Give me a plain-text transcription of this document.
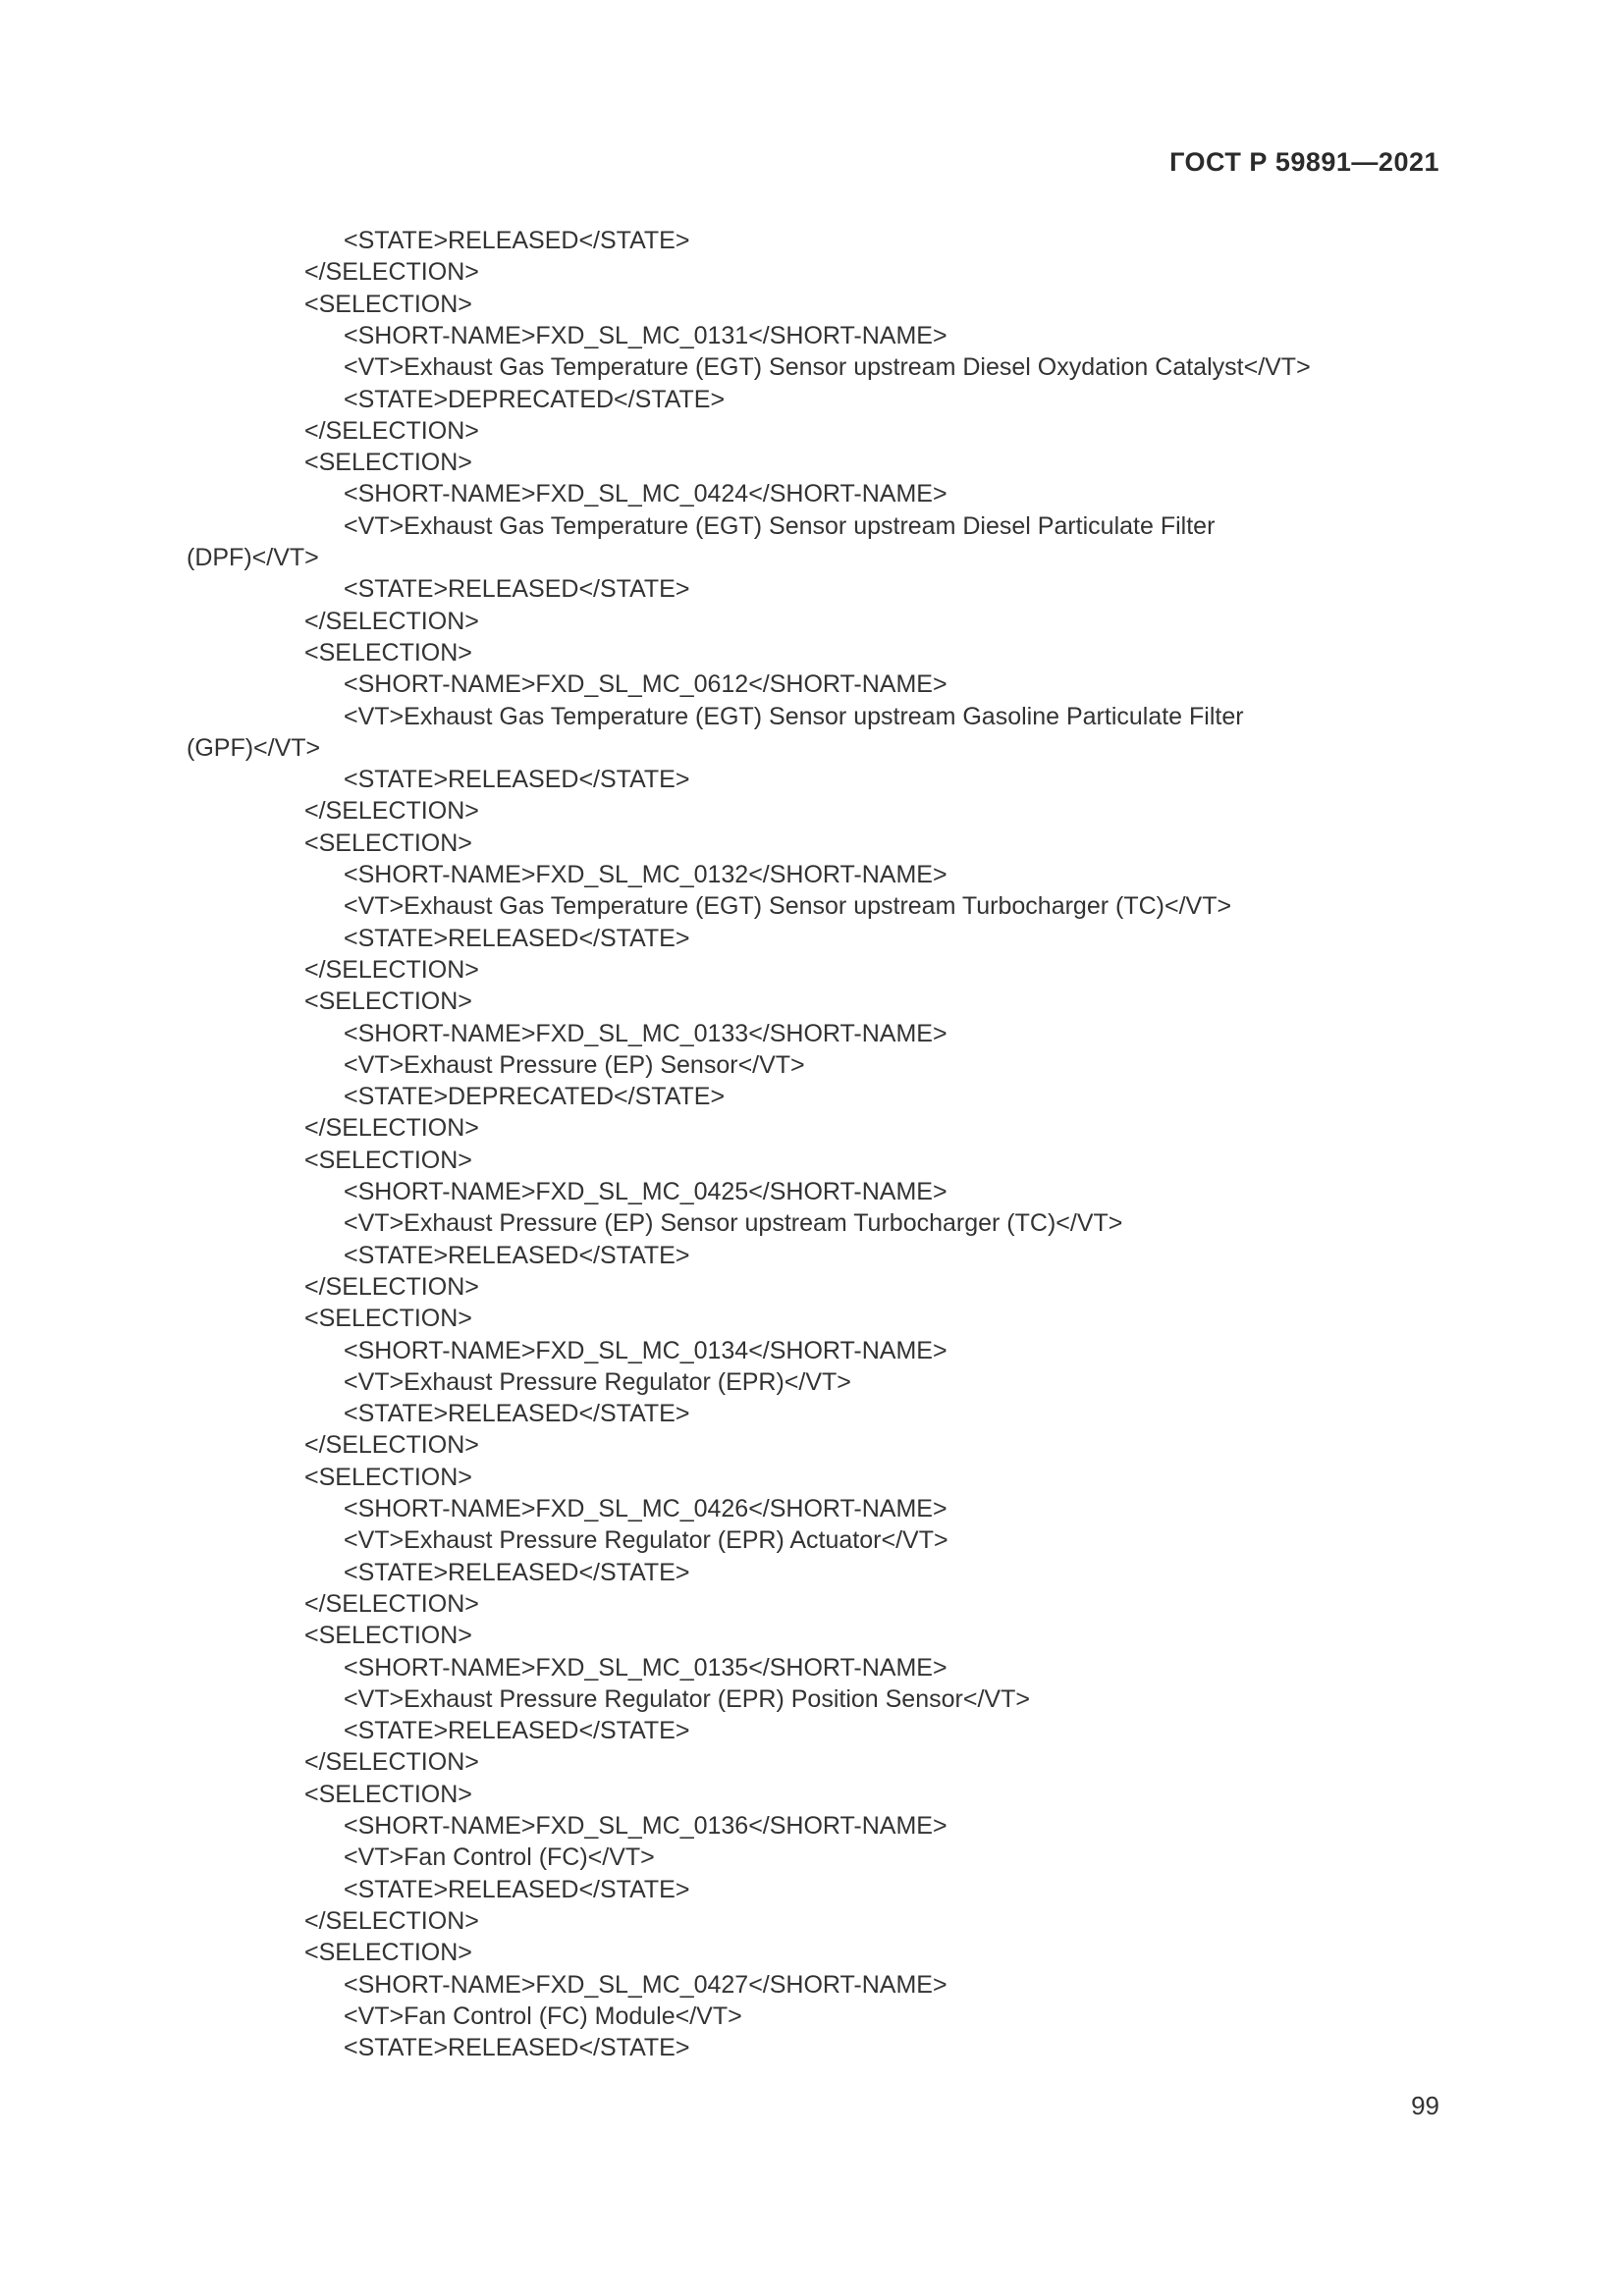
ГОСТ Р 59891—2021
<STATE>RELEASED</STATE>
</SELECTION>
<SELECTION>
<SHORT-NAME>FXD_SL_MC_0131</SHORT-NAME>
<VT>Exhaust Gas Temperature (EGT) Sensor upstream Diesel Oxydation Catalyst</VT>
<STATE>DEPRECATED</STATE>
</SELECTION>
<SELECTION>
<SHORT-NAME>FXD_SL_MC_0424</SHORT-NAME>
<VT>Exhaust Gas Temperature (EGT) Sensor upstream Diesel Particulate Filter
(DPF)</VT>
<STATE>RELEASED</STATE>
</SELECTION>
<SELECTION>
<SHORT-NAME>FXD_SL_MC_0612</SHORT-NAME>
<VT>Exhaust Gas Temperature (EGT) Sensor upstream Gasoline Particulate Filter
(GPF)</VT>
<STATE>RELEASED</STATE>
</SELECTION>
<SELECTION>
<SHORT-NAME>FXD_SL_MC_0132</SHORT-NAME>
<VT>Exhaust Gas Temperature (EGT) Sensor upstream Turbocharger (TC)</VT>
<STATE>RELEASED</STATE>
</SELECTION>
<SELECTION>
<SHORT-NAME>FXD_SL_MC_0133</SHORT-NAME>
<VT>Exhaust Pressure (EP) Sensor</VT>
<STATE>DEPRECATED</STATE>
</SELECTION>
<SELECTION>
<SHORT-NAME>FXD_SL_MC_0425</SHORT-NAME>
<VT>Exhaust Pressure (EP) Sensor upstream Turbocharger (TC)</VT>
<STATE>RELEASED</STATE>
</SELECTION>
<SELECTION>
<SHORT-NAME>FXD_SL_MC_0134</SHORT-NAME>
<VT>Exhaust Pressure Regulator (EPR)</VT>
<STATE>RELEASED</STATE>
</SELECTION>
<SELECTION>
<SHORT-NAME>FXD_SL_MC_0426</SHORT-NAME>
<VT>Exhaust Pressure Regulator (EPR) Actuator</VT>
<STATE>RELEASED</STATE>
</SELECTION>
<SELECTION>
<SHORT-NAME>FXD_SL_MC_0135</SHORT-NAME>
<VT>Exhaust Pressure Regulator (EPR) Position Sensor</VT>
<STATE>RELEASED</STATE>
</SELECTION>
<SELECTION>
<SHORT-NAME>FXD_SL_MC_0136</SHORT-NAME>
<VT>Fan Control (FC)</VT>
<STATE>RELEASED</STATE>
</SELECTION>
<SELECTION>
<SHORT-NAME>FXD_SL_MC_0427</SHORT-NAME>
<VT>Fan Control (FC) Module</VT>
<STATE>RELEASED</STATE>
99
